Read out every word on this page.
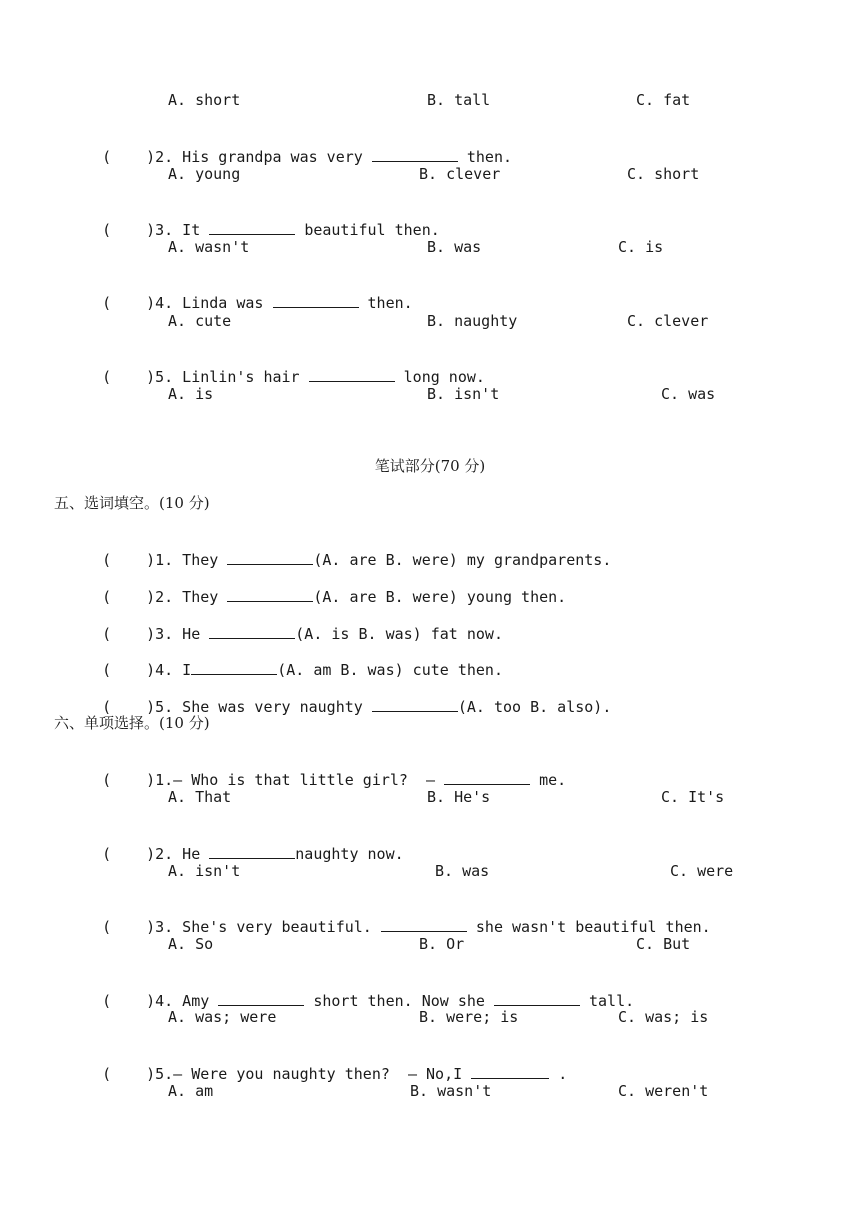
A. short	B. tall	C. fat

( )2. His grandpa was very	then.

A. young	B. clever	C. short

( )3. It	beautiful then.

A. wasn't	B. was	C. is

( )4. Linda was	then.

A. cute	B. naughty	C. clever

( )5. Linlin's hair	long now.

A. is	B. isn't	C. was
笔试部分(70 分)
五、选词填空。(10 分)

( )1. They	(A. are B. were) my grandparents.

( )2. They	(A. are B. were) young then.

( )3. He	(A. is B. was) fat now.

( )4. I	(A. am B. was) cute then.

( )5. She was very naughty	(A. too B. also).

六、单项选择。(10 分)

( )1.— Who is that little girl?  —	me.

A. That	B. He's	C. It's

( )2. He	naughty now.

A. isn't	B. was	C. were

( )3. She's very beautiful.	she wasn't beautiful then.

A. So	B. Or	C. But

( )4. Amy	short then. Now she	tall.

A. was; were	B. were; is	C. was; is

( )5.— Were you naughty then?  — No,I	.

A. am	B. wasn't	C. weren't
